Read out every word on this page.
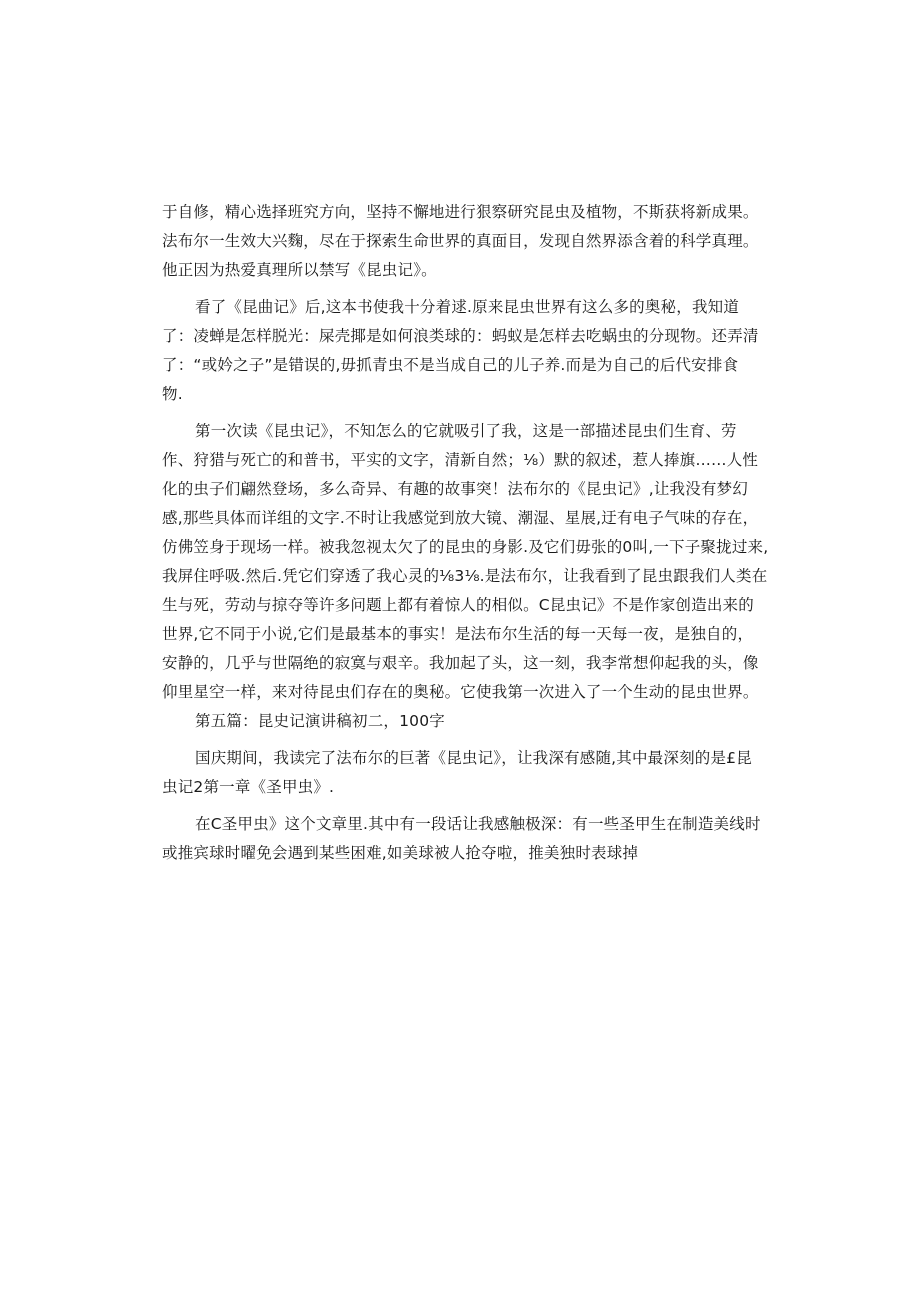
于自修，精心选择班究方向，坚持不懈地进行狠察研究昆虫及植物，不斯获将新成果。
法布尔一生效大兴麴，尽在于探索生命世界的真面目，发现自然界添含着的科学真理。
他正因为热爱真理所以禁写《昆虫记》。
看了《昆曲记》后,这本书使我十分着逑.原来昆虫世界有这么多的奥秘，我知道
了：凌蝉是怎样脱光：屎壳揶是如何浪类球的：蚂蚁是怎样去吃蜗虫的分现物。还弄清
了：“或妗之子”是错误的,毋抓青虫不是当成自己的儿子养.而是为自己的后代安排食
物.
第一次读《昆虫记》，不知怎么的它就吸引了我，这是一部描述昆虫们生育、劳
作、狩猎与死亡的和普书，平实的文字，清新自然；⅛）默的叙述，惹人捧旗……人性
化的虫子们翩然登场，多么奇异、有趣的故事突！法布尔的《昆虫记》,让我没有梦幻
感,那些具体而详组的文字.不时让我感觉到放大镜、潮湿、星展,迂有电子气味的存在，
仿佛笠身于现场一样。被我忽视太欠了的昆虫的身影.及它们毋张的0叫,一下子聚拢过来,
我屏住呼吸.然后.凭它们穿透了我心灵的⅛3⅛.是法布尔，让我看到了昆虫跟我们人类在
生与死，劳动与掠夺等许多问题上都有着惊人的相似。C昆虫记》不是作家创造出来的
世界,它不同于小说,它们是最基本的事实！是法布尔生活的每一天每一夜，是独自的，
安静的，几乎与世隔绝的寂寞与艰辛。我加起了头，这一刻，我李常想仰起我的头，像
仰里星空一样，来对待昆虫们存在的奥秘。它使我第一次进入了一个生动的昆虫世界。
第五篇：昆史记演讲稿初二，100字
国庆期间，我读完了法布尔的巨著《昆虫记》，让我深有感随,其中最深刻的是£昆
虫记2第一章《圣甲虫》.
在C圣甲虫》这个文章里.其中有一段话让我感触极深：有一些圣甲生在制造美线时
或推宾球时曜免会遇到某些困难,如美球被人抢夺啦，推美独时表球掉
